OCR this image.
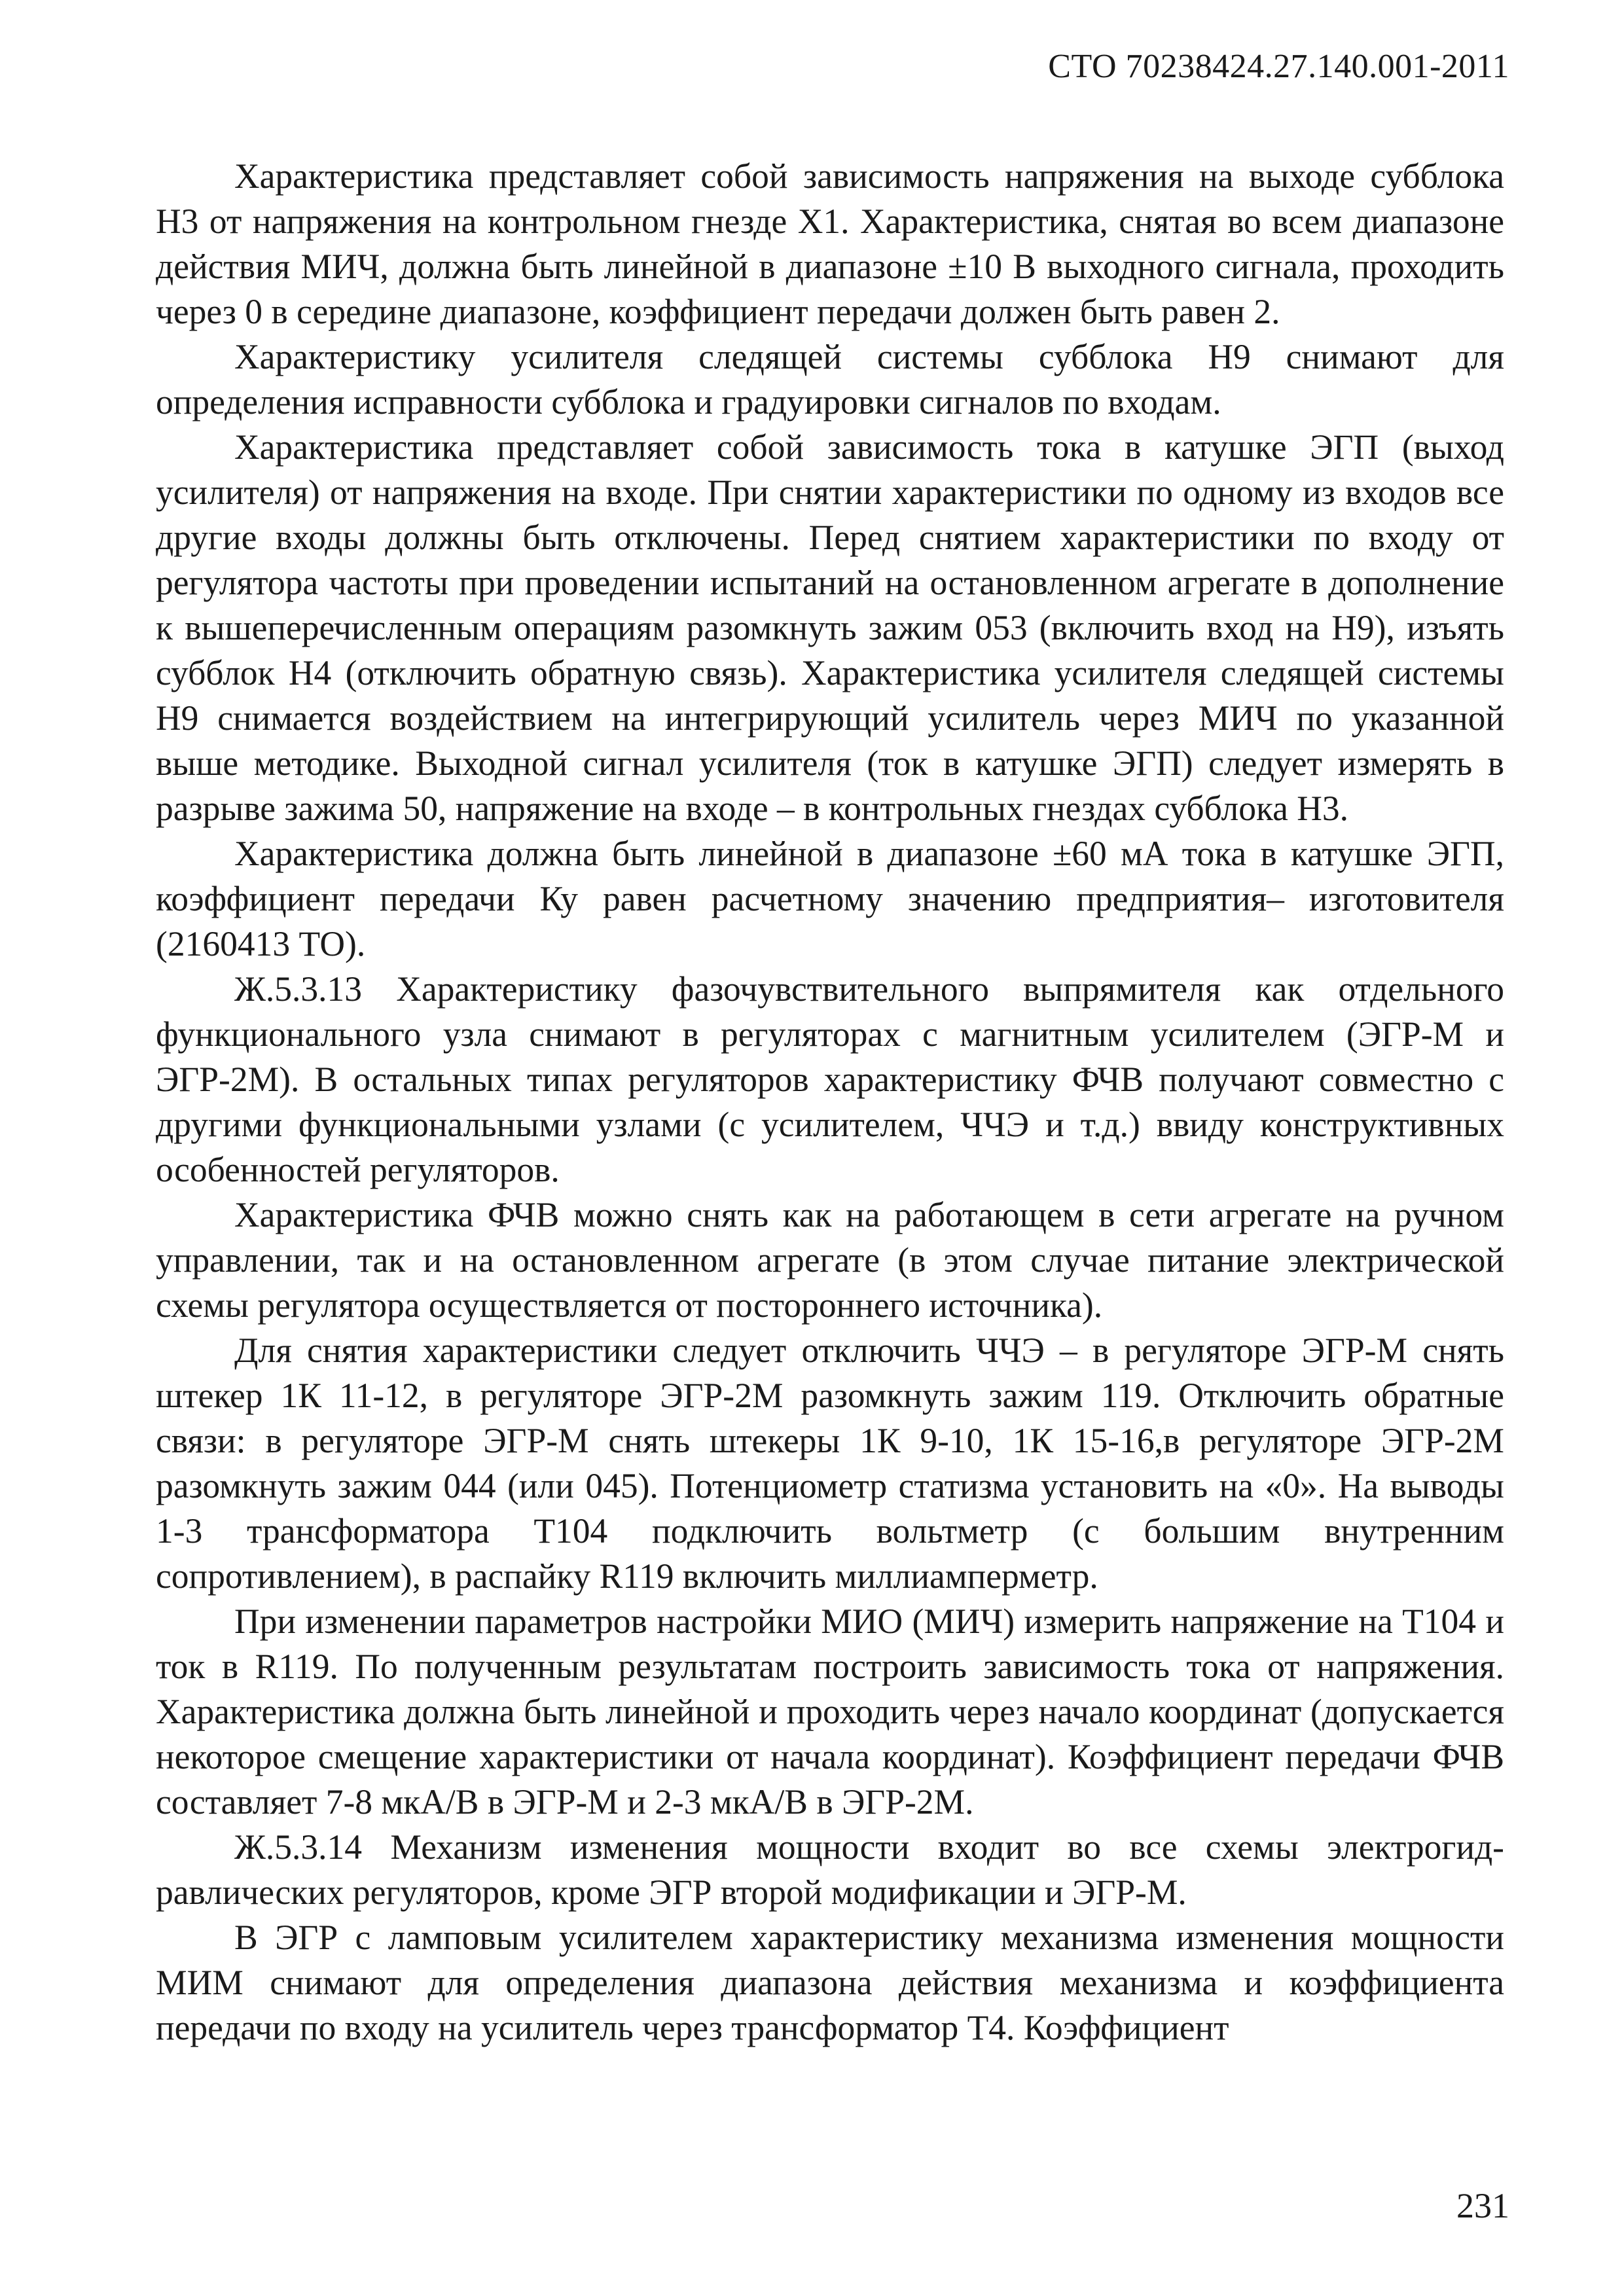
СТО 70238424.27.140.001-2011

Характеристика представляет собой зависимость напряжения на выходе субблока Н3 от напряжения на контрольном гнезде Х1. Характеристика, снятая во всем диапазоне действия МИЧ, должна быть линейной в диапазоне ±10 В выходного сигнала, проходить через 0 в середине диапазоне, коэффициент передачи должен быть равен 2.

Характеристику усилителя следящей системы субблока Н9 снимают для определения исправности субблока и градуировки сигналов по входам.

Характеристика представляет собой зависимость тока в катушке ЭГП (выход усилителя) от напряжения на входе. При снятии характеристики по одному из входов все другие входы должны быть отключены. Перед снятием характеристики по входу от регулятора частоты при проведении испытаний на остановленном агрегате в дополнение к вышеперечисленным операциям разомкнуть зажим 053 (включить вход на Н9), изъять субблок Н4 (отключить обратную связь). Характеристика усилителя следящей системы Н9 снимается воздействием на интегрирующий усилитель через МИЧ по указанной выше методике. Выходной сигнал усилителя (ток в катушке ЭГП) следует измерять в разрыве зажима 50, напряжение на входе – в контрольных гнездах субблока Н3.

Характеристика должна быть линейной в диапазоне ±60 мА тока в катушке ЭГП, коэффициент передачи Ку равен расчетному значению предприятия– изготовителя (2160413 ТО).

Ж.5.3.13 Характеристику фазочувствительного выпрямителя как отдельного функционального узла снимают в регуляторах с магнитным усилителем (ЭГР-М и ЭГР-2М). В остальных типах регуляторов характеристику ФЧВ получают совместно с другими функциональными узлами (с усилителем, ЧЧЭ и т.д.) ввиду конструктивных особенностей регуляторов.

Характеристика ФЧВ можно снять как на работающем в сети агрегате на ручном управлении, так и на остановленном агрегате (в этом случае питание электрической схемы регулятора осуществляется от постороннего источника).

Для снятия характеристики следует отключить ЧЧЭ – в регуляторе ЭГР-М снять штекер 1К 11-12, в регуляторе ЭГР-2М разомкнуть зажим 119. Отключить обратные связи: в регуляторе ЭГР-М снять штекеры 1К 9-10, 1К 15-16,в регуляторе ЭГР-2М разомкнуть зажим 044 (или 045). Потенциометр статизма установить на «0». На выводы 1-3 трансформатора Т104 подключить вольтметр (с большим внутренним сопротивлением), в распайку R119 включить миллиамперметр.

При изменении параметров настройки МИО (МИЧ) измерить напряжение на Т104 и ток в R119. По полученным результатам построить зависимость тока от напряжения. Характеристика должна быть линейной и проходить через начало координат (допускается некоторое смещение характеристики от начала координат). Коэффициент передачи ФЧВ составляет 7-8 мкА/В в ЭГР-М и 2-3 мкА/В в ЭГР-2М.

Ж.5.3.14 Механизм изменения мощности входит во все схемы электрогидравлических регуляторов, кроме ЭГР второй модификации и ЭГР-М.

В ЭГР с ламповым усилителем характеристику механизма изменения мощности МИМ снимают для определения диапазона действия механизма и коэффициента передачи по входу на усилитель через трансформатор Т4. Коэффициент

231
